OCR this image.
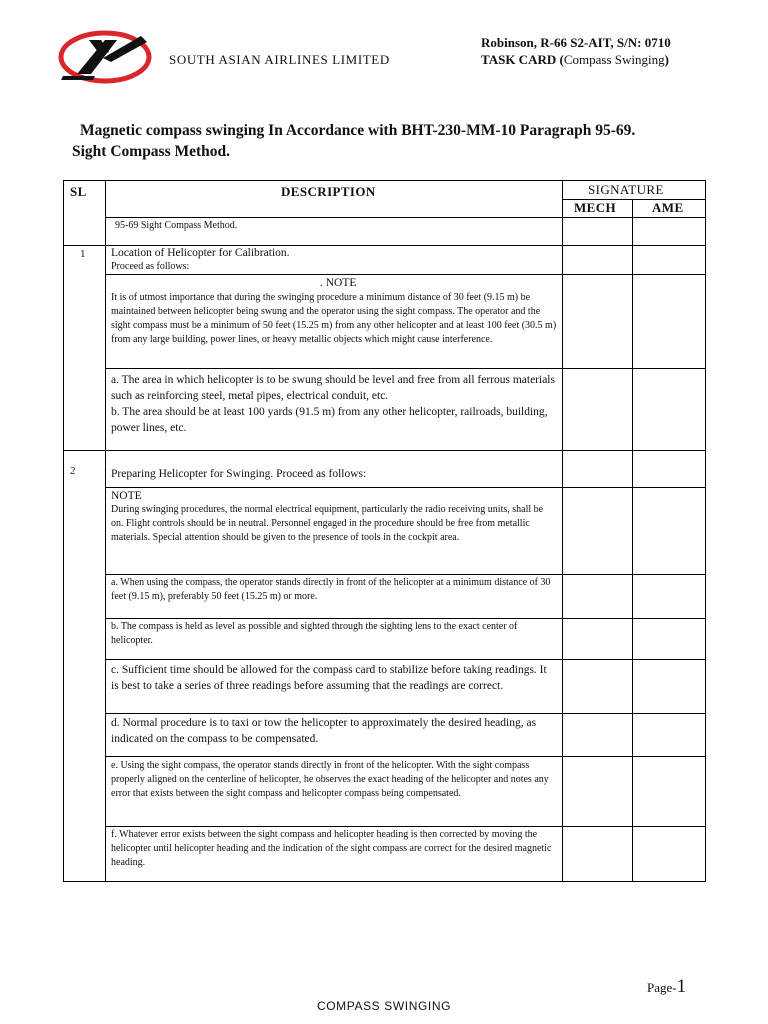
SOUTH ASIAN AIRLINES LIMITED
Robinson, R-66 S2-AIT, S/N: 0710
TASK CARD (Compass Swinging)
Magnetic compass swinging In Accordance with BHT-230-MM-10 Paragraph 95-69.
Sight Compass Method.
SL	DESCRIPTION	SIGNATURE
MECH	AME
95-69 Sight Compass Method.
1 Location of Helicopter for Calibration.
Proceed as follows:
. NOTE
It is of utmost importance that during the swinging procedure a minimum distance of 30 feet (9.15 m) be maintained between helicopter being swung and the operator using the sight compass. The operator and the sight compass must be a minimum of 50 feet (15.25 m) from any other helicopter and at least 100 feet (30.5 m) from any large building, power lines, or heavy metallic objects which might cause interference.
a. The area in which helicopter is to be swung should be level and free from all ferrous materials such as reinforcing steel, metal pipes, electrical conduit, etc.
b. The area should be at least 100 yards (91.5 m) from any other helicopter, railroads, building, power lines, etc.
2	Preparing Helicopter for Swinging. Proceed as follows:
NOTE
During swinging procedures, the normal electrical equipment, particularly the radio receiving units, shall be on. Flight controls should be in neutral. Personnel engaged in the procedure should be free from metallic materials. Special attention should be given to the presence of tools in the cockpit area.
a. When using the compass, the operator stands directly in front of the helicopter at a minimum distance of 30 feet (9.15 m), preferably 50 feet (15.25 m) or more.
b. The compass is held as level as possible and sighted through the sighting lens to the exact center of helicopter.
c. Sufficient time should be allowed for the compass card to stabilize before taking readings. It is best to take a series of three readings before assuming that the readings are correct.
d. Normal procedure is to taxi or tow the helicopter to approximately the desired heading, as indicated on the compass to be compensated.
e. Using the sight compass, the operator stands directly in front of the helicopter. With the sight compass properly aligned on the centerline of helicopter, he observes the exact heading of the helicopter and notes any error that exists between the sight compass and helicopter compass being compensated.
f. Whatever error exists between the sight compass and helicopter heading is then corrected by moving the helicopter until helicopter heading and the indication of the sight compass are correct for the desired magnetic heading.
Page-1
COMPASS SWINGING
